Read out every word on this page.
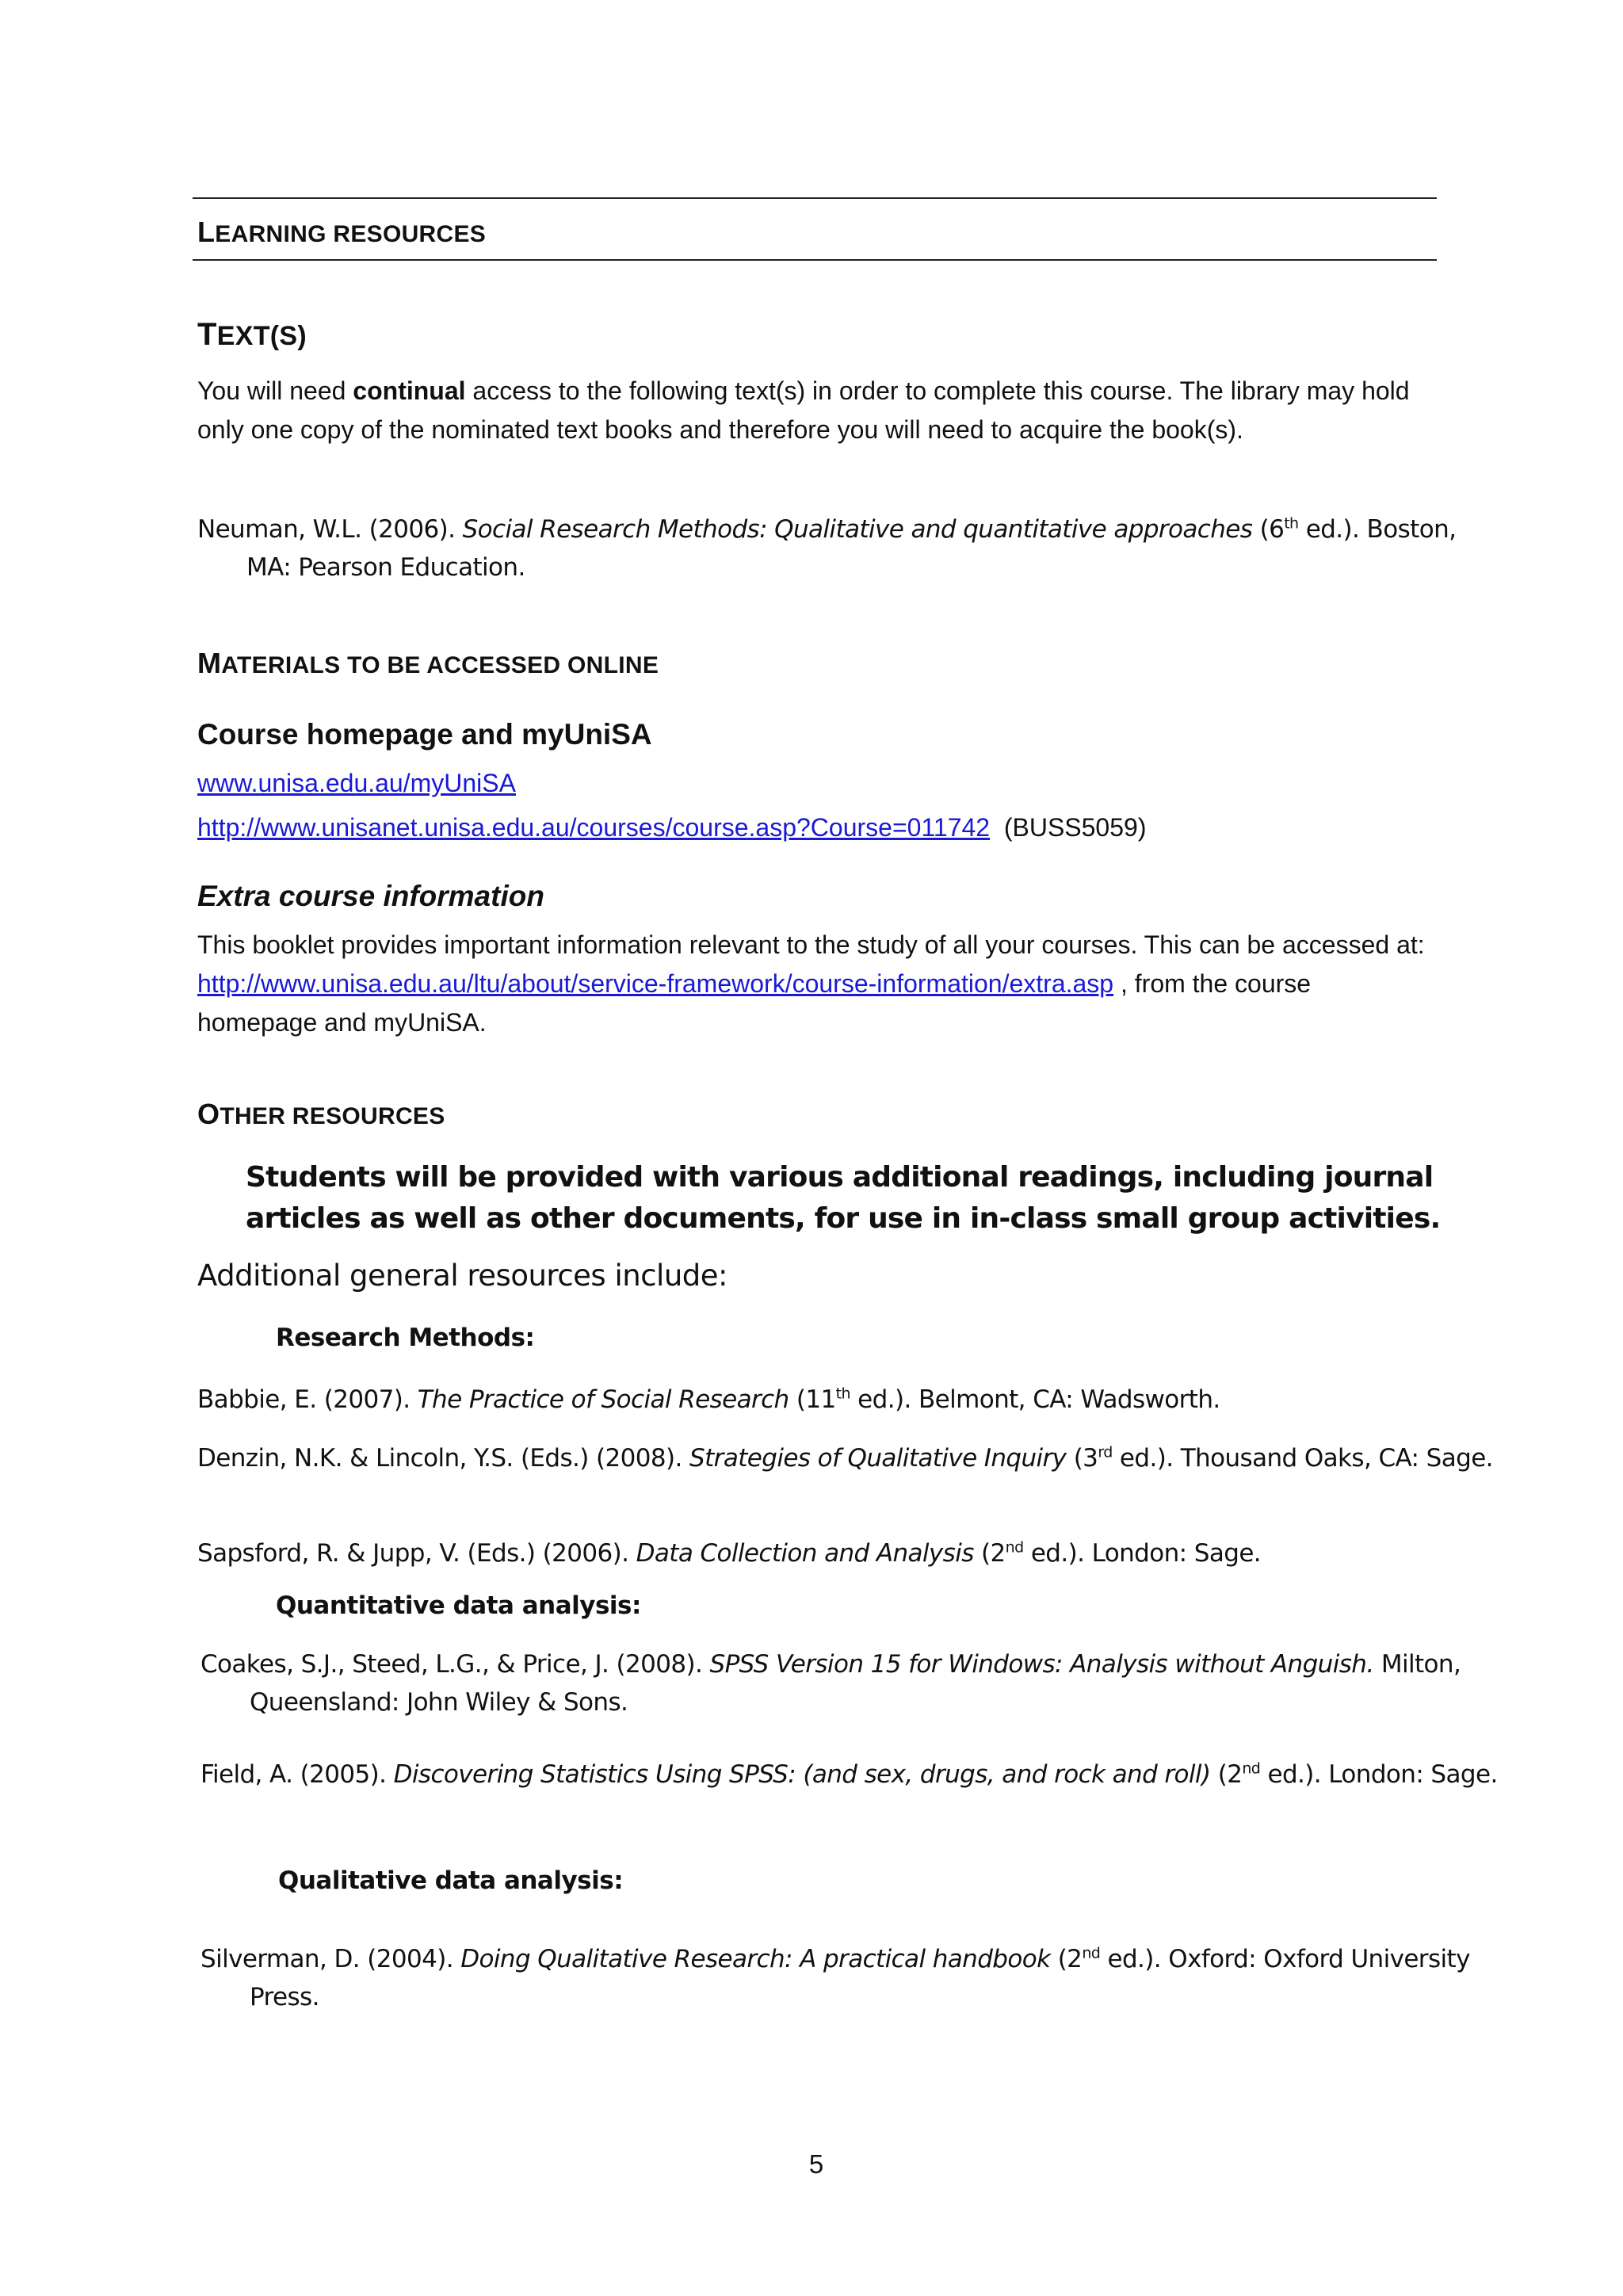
LEARNING RESOURCES
TEXT(S)

You will need continual access to the following text(s) in order to complete this course. The library may hold only one copy of the nominated text books and therefore you will need to acquire the book(s).

Neuman, W.L. (2006). Social Research Methods: Qualitative and quantitative approaches (6th ed.). Boston, MA: Pearson Education.

MATERIALS TO BE ACCESSED ONLINE

Course homepage and myUniSA

www.unisa.edu.au/myUniSA

http://www.unisanet.unisa.edu.au/courses/course.asp?Course=011742 (BUSS5059)

Extra course information

This booklet provides important information relevant to the study of all your courses. This can be accessed at: http://www.unisa.edu.au/ltu/about/service-framework/course-information/extra.asp , from the course homepage and myUniSA.

OTHER RESOURCES

Students will be provided with various additional readings, including journal articles as well as other documents, for use in in-class small group activities.

Additional general resources include:

Research Methods:

Babbie, E. (2007). The Practice of Social Research (11th ed.). Belmont, CA: Wadsworth.

Denzin, N.K. & Lincoln, Y.S. (Eds.) (2008). Strategies of Qualitative Inquiry (3rd ed.). Thousand Oaks, CA: Sage.

Sapsford, R. & Jupp, V. (Eds.) (2006). Data Collection and Analysis (2nd ed.). London: Sage.

Quantitative data analysis:

Coakes, S.J., Steed, L.G., & Price, J. (2008). SPSS Version 15 for Windows: Analysis without Anguish. Milton, Queensland: John Wiley & Sons.

Field, A. (2005). Discovering Statistics Using SPSS: (and sex, drugs, and rock and roll) (2nd ed.). London: Sage.

Qualitative data analysis:

Silverman, D. (2004). Doing Qualitative Research: A practical handbook (2nd ed.). Oxford: Oxford University Press.

5
